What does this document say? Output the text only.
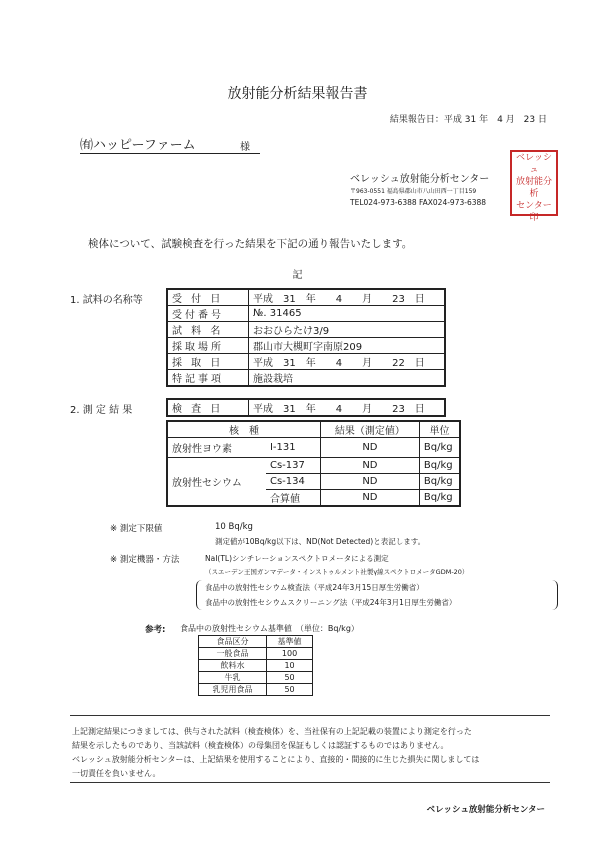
放射能分析結果報告書
結果報告日：平成 31 年　4 月　23 日
㈲ハッピーファーム	様
ベレッシュ放射能分析センター
〒963-0551 福島県郡山市八山田西一丁目159
TEL024-973-6388 FAX024-973-6388
ベレッシュ
放射能分析
センター
印
検体について、試験検査を行った結果を下記の通り報告いたします。
記
1. 試料の名称等	受 付 日	平成　31　年　　4　　月　　23　日
受付番号	№. 31465
試 料 名	おおひらたけ3/9
採取場所	郡山市大槻町字南原209
採 取 日	平成　31　年　　4　　月　　22　日
特記事項	施設栽培
2. 測 定 結 果	検 査 日	平成　31　年　　4　　月　　23　日
核　種		結果（測定値）	単位
放射性ヨウ素	I-131	ND	Bq/kg
放射性セシウム	Cs-137	ND	Bq/kg
	Cs-134	ND	Bq/kg
	合算値	ND	Bq/kg
※ 測定下限値	10 Bq/kg
測定値が10Bq/kg以下は、ND(Not Detected)と表記します。
※ 測定機器・方法	NaI(TL)シンチレーションスペクトロメータによる測定
（スエーデン王国ガンマデータ・インストゥルメント社製γ線スペクトロメータGDM-20）
食品中の放射性セシウム検査法（平成24年3月15日厚生労働省）
食品中の放射性セシウムスクリーニング法（平成24年3月1日厚生労働省）
参考: 食品中の放射性セシウム基準値　（単位：Bq/kg）
食品区分	基準値
一般食品	100
飲料水	10
牛乳	50
乳児用食品	50
上記測定結果につきましては、供与された試料（検査検体）を、当社保有の上記記載の装置により測定を行った
結果を示したものであり、当該試料（検査検体）の母集団を保証もしくは認証するものではありません。
ベレッシュ放射能分析センターは、上記結果を使用することにより、直接的・間接的に生じた損失に関しましては
一切責任を負いません。
ベレッシュ放射能分析センター
